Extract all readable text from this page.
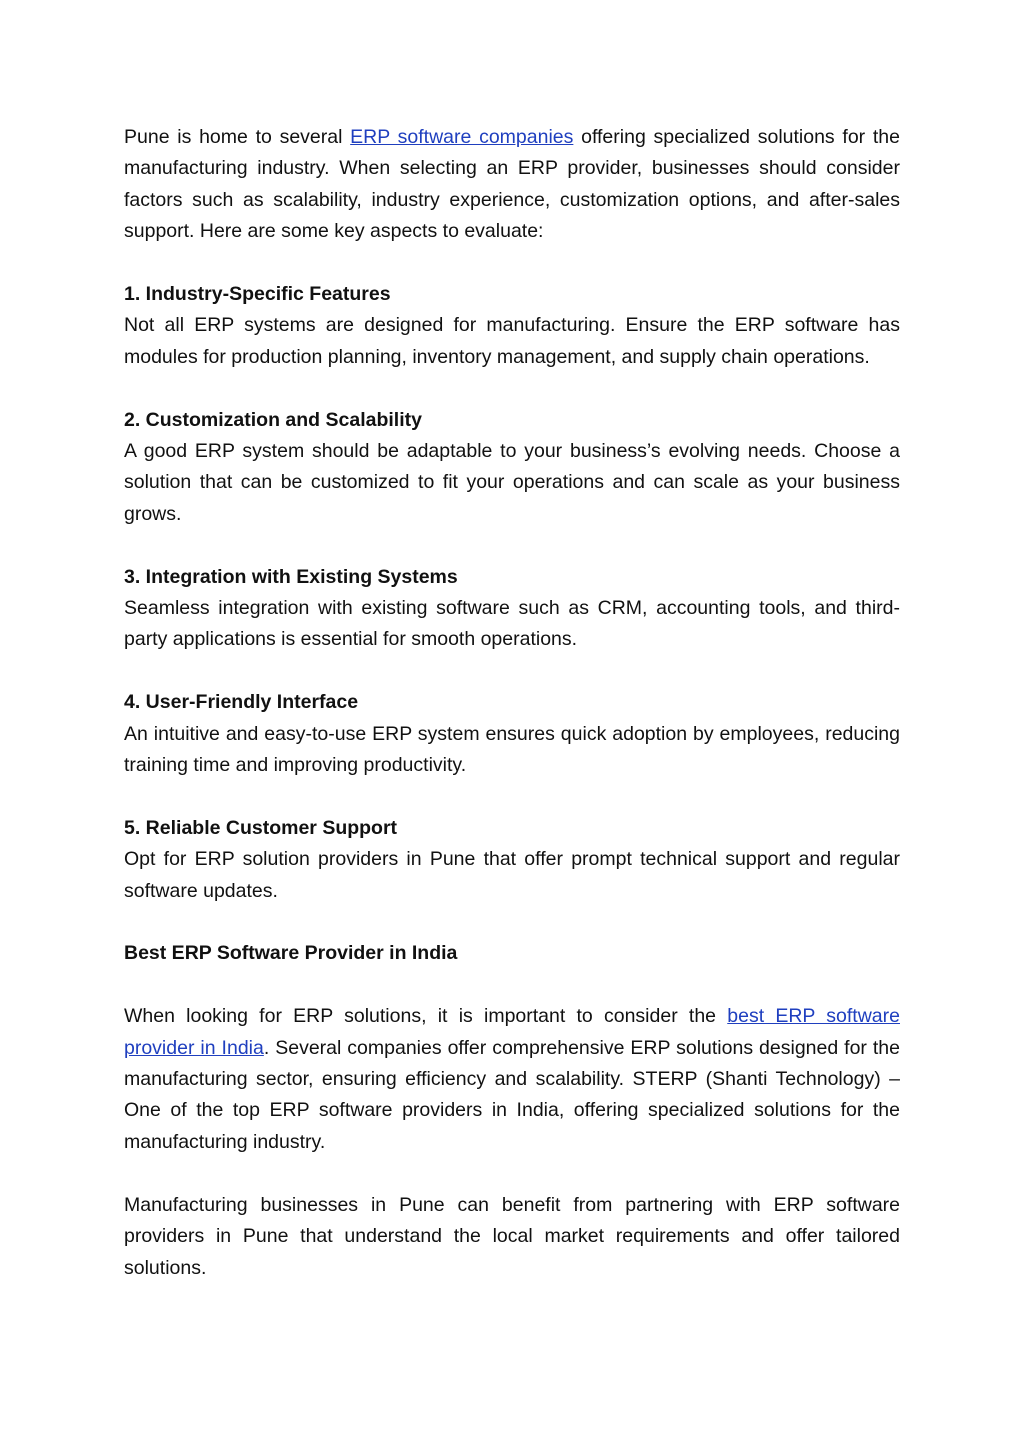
Pune is home to several ERP software companies offering specialized solutions for the manufacturing industry. When selecting an ERP provider, businesses should consider factors such as scalability, industry experience, customization options, and after-sales support. Here are some key aspects to evaluate:

1. Industry-Specific Features

Not all ERP systems are designed for manufacturing. Ensure the ERP software has modules for production planning, inventory management, and supply chain operations.

2. Customization and Scalability

A good ERP system should be adaptable to your business’s evolving needs. Choose a solution that can be customized to fit your operations and can scale as your business grows.

3. Integration with Existing Systems

Seamless integration with existing software such as CRM, accounting tools, and third-party applications is essential for smooth operations.

4. User-Friendly Interface

An intuitive and easy-to-use ERP system ensures quick adoption by employees, reducing training time and improving productivity.

5. Reliable Customer Support

Opt for ERP solution providers in Pune that offer prompt technical support and regular software updates.

Best ERP Software Provider in India

When looking for ERP solutions, it is important to consider the best ERP software provider in India. Several companies offer comprehensive ERP solutions designed for the manufacturing sector, ensuring efficiency and scalability. STERP (Shanti Technology) – One of the top ERP software providers in India, offering specialized solutions for the manufacturing industry.

Manufacturing businesses in Pune can benefit from partnering with ERP software providers in Pune that understand the local market requirements and offer tailored solutions.
